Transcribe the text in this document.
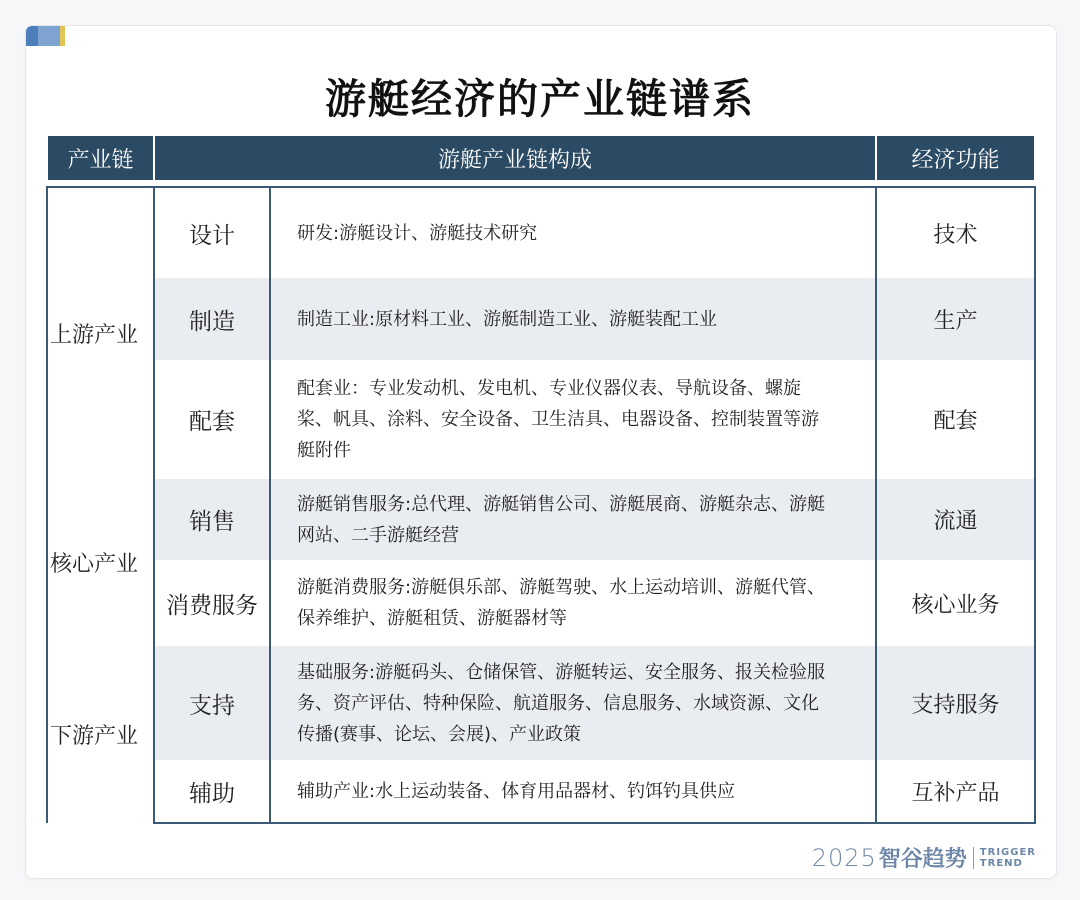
游艇经济的产业链谱系
产业链	游艇产业链构成		经济功能

上游产业	设计	研发:游艇设计、游艇技术研究	技术
	制造	制造工业:原材料工业、游艇制造工业、游艇装配工业	生产
	配套	配套业：专业发动机、发电机、专业仪器仪表、导航设备、螺旋桨、帆具、涂料、安全设备、卫生洁具、电器设备、控制装置等游艇附件	配套
核心产业	销售	游艇销售服务:总代理、游艇销售公司、游艇展商、游艇杂志、游艇网站、二手游艇经营	流通
	消费服务	游艇消费服务:游艇俱乐部、游艇驾驶、水上运动培训、游艇代管、保养维护、游艇租赁、游艇器材等	核心业务
下游产业	支持	基础服务:游艇码头、仓储保管、游艇转运、安全服务、报关检验服务、资产评估、特种保险、航道服务、信息服务、水域资源、文化传播(赛事、论坛、会展)、产业政策	支持服务
	辅助	辅助产业:水上运动装备、体育用品器材、钓饵钓具供应	互补产品
2025 智谷趋势 TRIGGER
TREND
